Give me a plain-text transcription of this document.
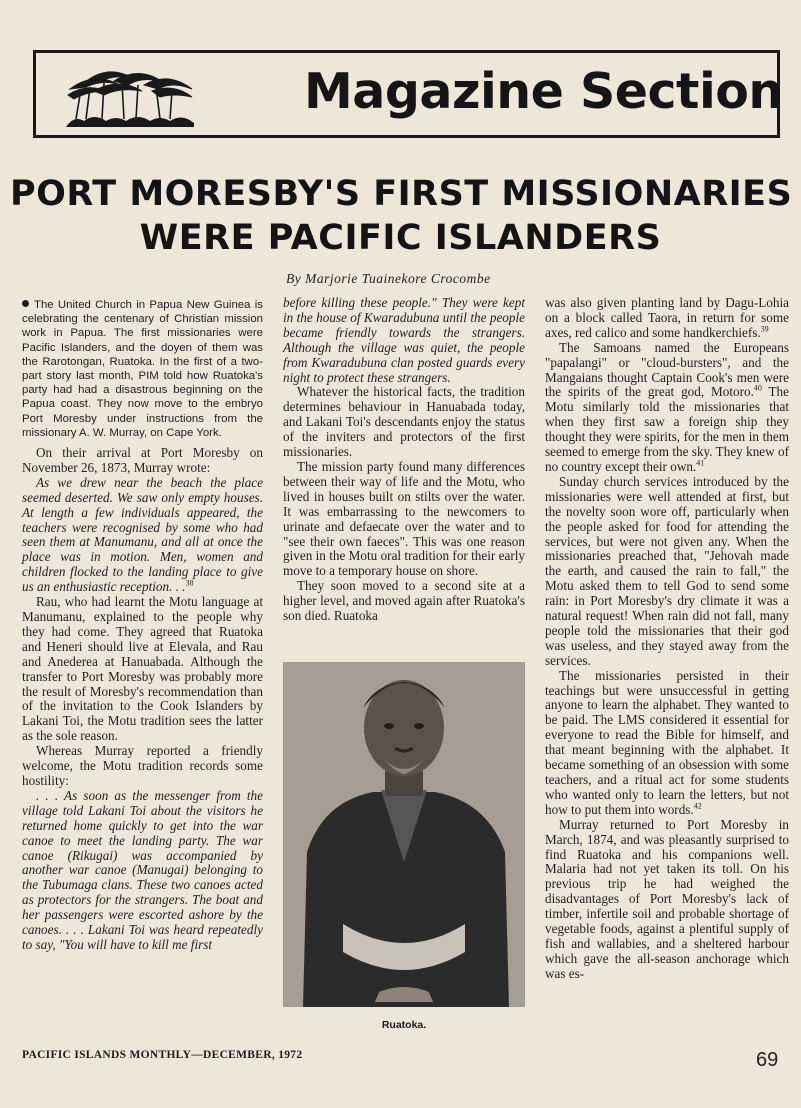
Magazine Section
PORT MORESBY'S FIRST MISSIONARIES
WERE PACIFIC ISLANDERS
By Marjorie Tuainekore Crocombe
The United Church in Papua New Guinea is celebrating the centenary of Christian mission work in Papua. The first missionaries were Pacific Islanders, and the doyen of them was the Rarotongan, Ruatoka. In the first of a two-part story last month, PIM told how Ruatoka's party had had a disastrous beginning on the Papua coast. They now move to the embryo Port Moresby under instructions from the missionary A. W. Murray, on Cape York.

On their arrival at Port Moresby on November 26, 1873, Murray wrote:

As we drew near the beach the place seemed deserted. We saw only empty houses. At length a few individuals appeared, the teachers were recognised by some who had seen them at Manumanu, and all at once the place was in motion. Men, women and children flocked to the landing place to give us an enthusiastic reception. . .$^{38}$

Rau, who had learnt the Motu language at Manumanu, explained to the people why they had come. They agreed that Ruatoka and Heneri should live at Elevala, and Rau and Anederea at Hanuabada. Although the transfer to Port Moresby was probably more the result of Moresby's recommendation than of the invitation to the Cook Islanders by Lakani Toi, the Motu tradition sees the latter as the sole reason.

Whereas Murray reported a friendly welcome, the Motu tradition records some hostility:

. . . As soon as the messenger from the village told Lakani Toi about the visitors he returned home quickly to get into the war canoe to meet the landing party. The war canoe (Rikugai) was accompanied by another war canoe (Manugai) belonging to the Tubumaga clans. These two canoes acted as protectors for the strangers. The boat and her passengers were escorted ashore by the canoes. . . . Lakani Toi was heard repeatedly to say, "You will have to kill me first

before killing these people." They were kept in the house of Kwaradubuna until the people became friendly towards the strangers. Although the village was quiet, the people from Kwaradubuna clan posted guards every night to protect these strangers.

Whatever the historical facts, the tradition determines behaviour in Hanuabada today, and Lakani Toi's descendants enjoy the status of the inviters and protectors of the first missionaries.

The mission party found many differences between their way of life and the Motu, who lived in houses built on stilts over the water. It was embarrassing to the newcomers to urinate and defaecate over the water and to "see their own faeces". This was one reason given in the Motu oral tradition for their early move to a temporary house on shore.

They soon moved to a second site at a higher level, and moved again after Ruatoka's son died. Ruatoka

Ruatoka.

was also given planting land by Dagu-Lohia on a block called Taora, in return for some axes, red calico and some handkerchiefs.$^{39}$

The Samoans named the Europeans "papalangi" or "cloud-bursters", and the Mangaians thought Captain Cook's men were the spirits of the great god, Motoro.$^{40}$ The Motu similarly told the missionaries that when they first saw a foreign ship they thought they were spirits, for the men in them seemed to emerge from the sky. They knew of no country except their own.$^{41}$

Sunday church services introduced by the missionaries were well attended at first, but the novelty soon wore off, particularly when the people asked for food for attending the services, but were not given any. When the missionaries preached that, "Jehovah made the earth, and caused the rain to fall," the Motu asked them to tell God to send some rain: in Port Moresby's dry climate it was a natural request! When rain did not fall, many people told the missionaries that their god was useless, and they stayed away from the services.

The missionaries persisted in their teachings but were unsuccessful in getting anyone to learn the alphabet. They wanted to be paid. The LMS considered it essential for everyone to read the Bible for himself, and that meant beginning with the alphabet. It became something of an obsession with some teachers, and a ritual act for some students who wanted only to learn the letters, but not how to put them into words.$^{42}$

Murray returned to Port Moresby in March, 1874, and was pleasantly surprised to find Ruatoka and his companions well. Malaria had not yet taken its toll. On his previous trip he had weighed the disadvantages of Port Moresby's lack of timber, infertile soil and probable shortage of vegetable foods, against a plentiful supply of fish and wallabies, and a sheltered harbour which gave the all-season anchorage which was es-

PACIFIC ISLANDS MONTHLY—DECEMBER, 1972	69
